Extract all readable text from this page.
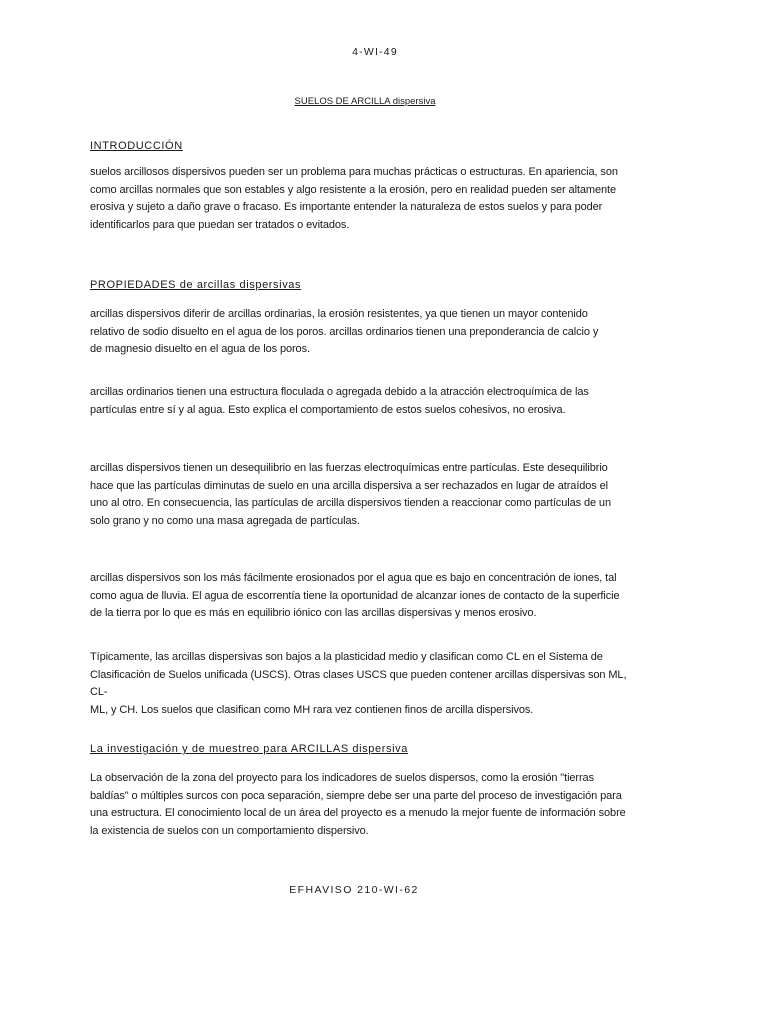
4-WI-49
SUELOS DE ARCILLA dispersiva
INTRODUCCIÓN
suelos arcillosos dispersivos pueden ser un problema para muchas prácticas o estructuras. En apariencia, son
como arcillas normales que son estables y algo resistente a la erosión, pero en realidad pueden ser altamente
erosiva y sujeto a daño grave o fracaso. Es importante entender la naturaleza de estos suelos y para poder
identificarlos para que puedan ser tratados o evitados.
PROPIEDADES de arcillas dispersivas
arcillas dispersivos diferir de arcillas ordinarias, la erosión resistentes, ya que tienen un mayor contenido
relativo de sodio disuelto en el agua de los poros. arcillas ordinarios tienen una preponderancia de calcio y
de magnesio disuelto en el agua de los poros.
arcillas ordinarios tienen una estructura floculada o agregada debido a la atracción electroquímica de las
partículas entre sí y al agua. Esto explica el comportamiento de estos suelos cohesivos, no erosiva.
arcillas dispersivos tienen un desequilibrio en las fuerzas electroquímicas entre partículas. Este desequilibrio
hace que las partículas diminutas de suelo en una arcilla dispersiva a ser rechazados en lugar de atraídos el
uno al otro. En consecuencia, las partículas de arcilla dispersivos tienden a reaccionar como partículas de un
solo grano y no como una masa agregada de partículas.
arcillas dispersivos son los más fácilmente erosionados por el agua que es bajo en concentración de iones, tal
como agua de lluvia. El agua de escorrentía tiene la oportunidad de alcanzar iones de contacto de la superficie
de la tierra por lo que es más en equilibrio iónico con las arcillas dispersivas y menos erosivo.
Típicamente, las arcillas dispersivas son bajos a la plasticidad medio y clasifican como CL en el Sistema de
Clasificación de Suelos unificada (USCS). Otras clases USCS que pueden contener arcillas dispersivas son ML,
CL-
ML, y CH. Los suelos que clasifican como MH rara vez contienen finos de arcilla dispersivos.
La investigación y de muestreo para ARCILLAS dispersiva
La observación de la zona del proyecto para los indicadores de suelos dispersos, como la erosión "tierras
baldías" o múltiples surcos con poca separación, siempre debe ser una parte del proceso de investigación para
una estructura. El conocimiento local de un área del proyecto es a menudo la mejor fuente de información sobre
la existencia de suelos con un comportamiento dispersivo.
EFHAVISO 210-WI-62
